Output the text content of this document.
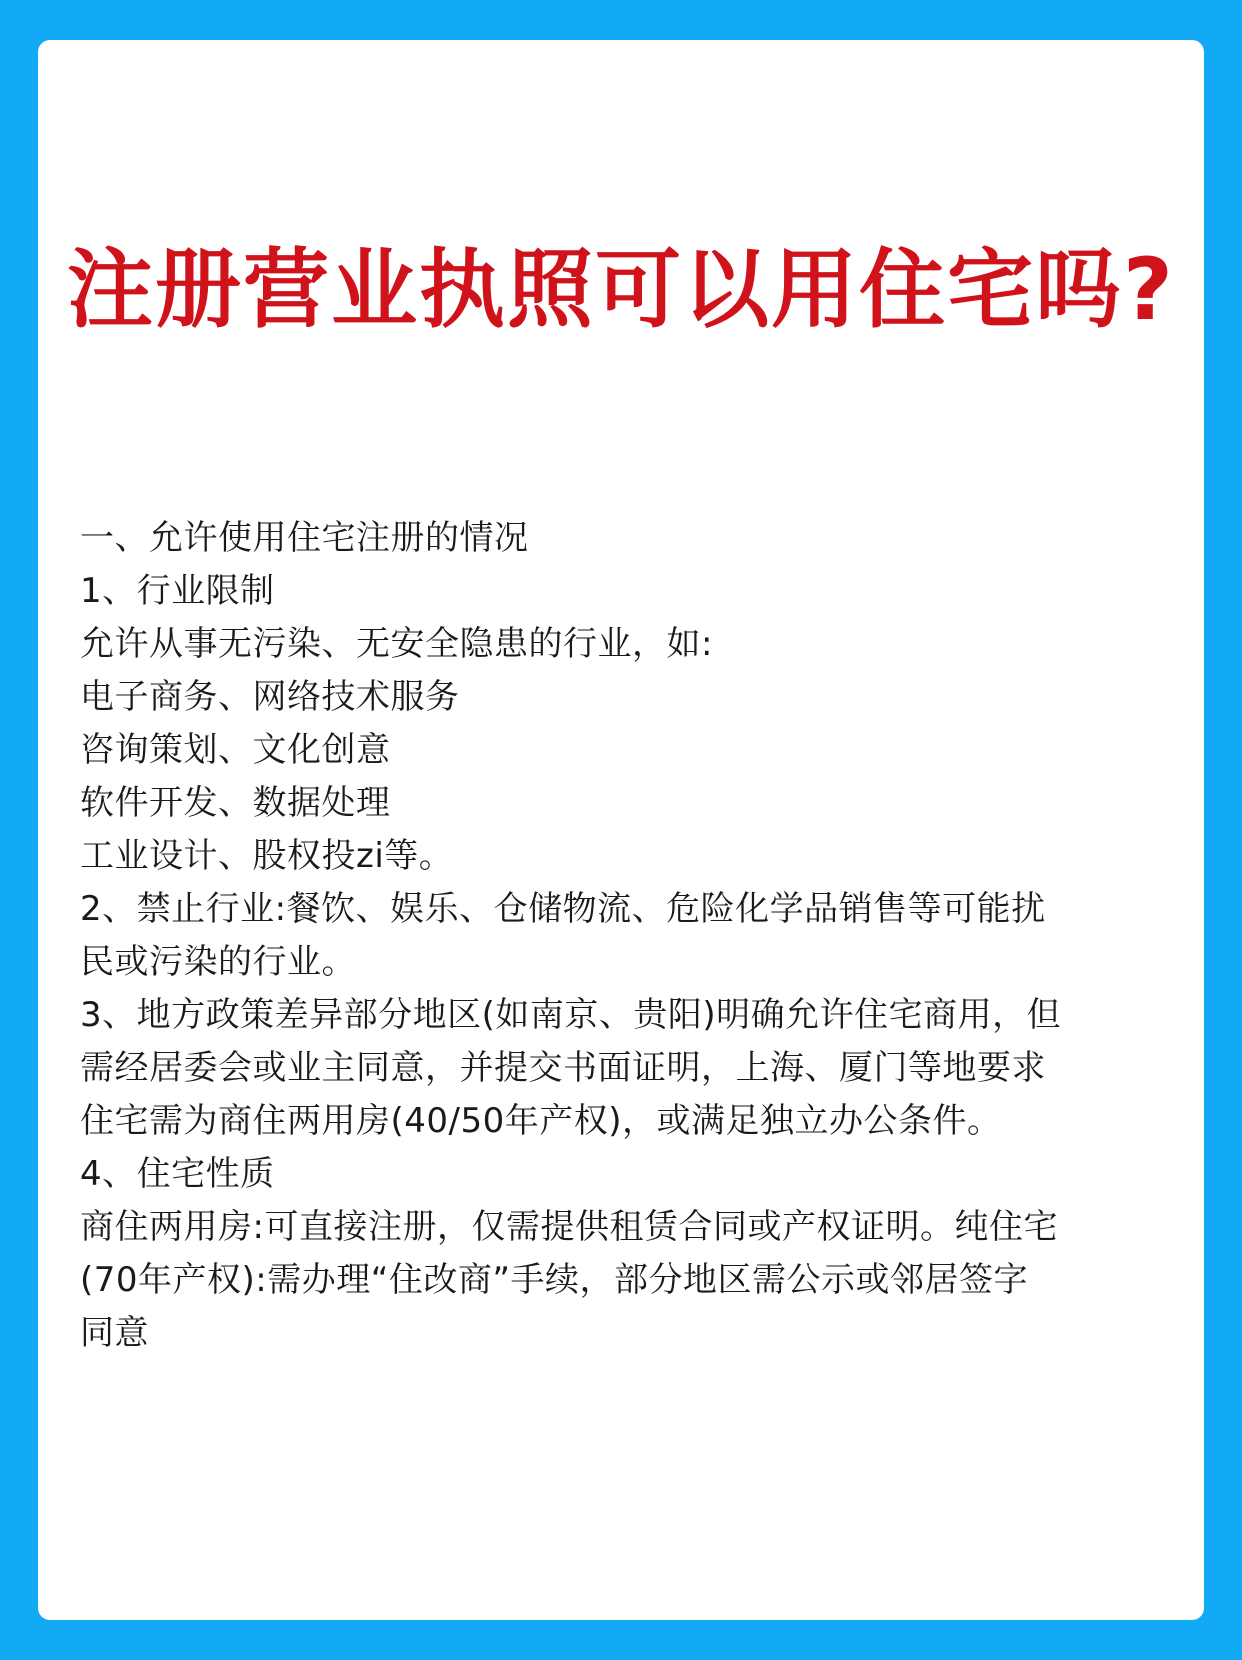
注册营业执照可以用住宅吗?
一、允许使用住宅注册的情况
1、行业限制
允许从事无污染、无安全隐患的行业，如:
电子商务、网络技术服务
咨询策划、文化创意
软件开发、数据处理
工业设计、股权投zi等。
2、禁止行业:餐饮、娱乐、仓储物流、危险化学品销售等可能扰
民或污染的行业。
3、地方政策差异部分地区(如南京、贵阳)明确允许住宅商用，但
需经居委会或业主同意，并提交书面证明，上海、厦门等地要求
住宅需为商住两用房(40/50年产权)，或满足独立办公条件。
4、住宅性质
商住两用房:可直接注册，仅需提供租赁合同或产权证明。纯住宅
(70年产权):需办理“住改商”手续，部分地区需公示或邻居签字
同意
